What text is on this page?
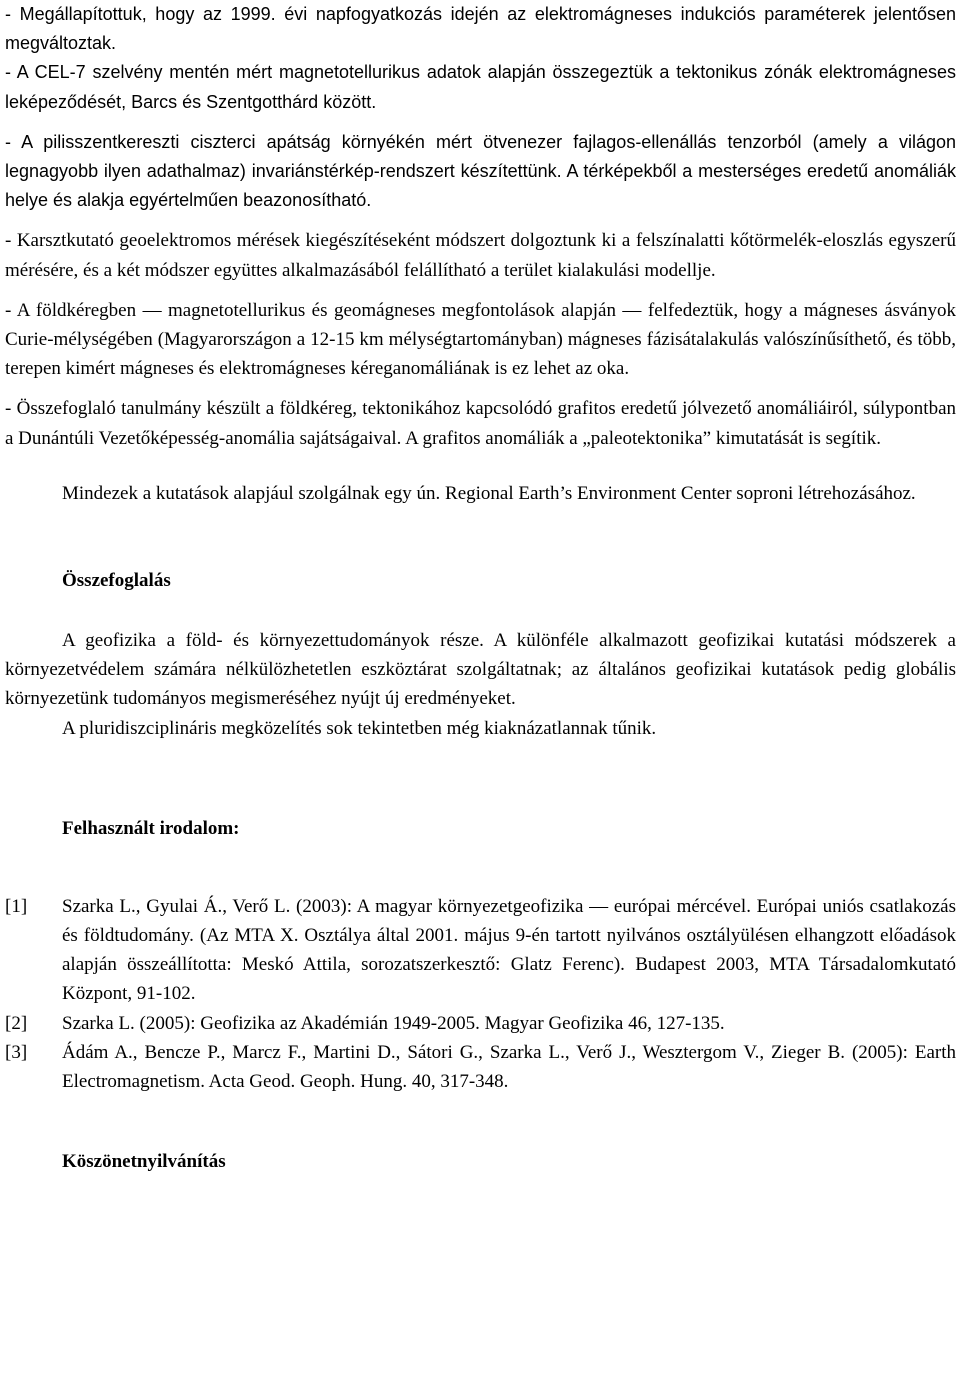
- Megállapítottuk, hogy az 1999. évi napfogyatkozás idején az elektromágneses indukciós paraméterek jelentősen megváltoztak.

- A CEL-7 szelvény mentén mért magnetotellurikus adatok alapján összegeztük a tektonikus zónák elektromágneses leképeződését, Barcs és Szentgotthárd között.

- A pilisszentkereszti ciszterci apátság környékén mért ötvenezer fajlagos-ellenállás tenzorból (amely a világon legnagyobb ilyen adathalmaz) invariánstérkép-rendszert készítettünk. A térképekből a mesterséges eredetű anomáliák helye és alakja egyértelműen beazonosítható.

- Karsztkutató geoelektromos mérések kiegészítéseként módszert dolgoztunk ki a felszínalatti kőtörmelék-eloszlás egyszerű mérésére, és a két módszer együttes alkalmazásából felállítható a terület kialakulási modellje.

- A földkéregben ― magnetotellurikus és geomágneses megfontolások alapján ― felfedeztük, hogy a mágneses ásványok Curie-mélységében (Magyarországon a 12-15 km mélységtartományban) mágneses fázisátalakulás valószínűsíthető, és több, terepen kimért mágneses és elektromágneses kéreganomáliának is ez lehet az oka.

- Összefoglaló tanulmány készült a földkéreg, tektonikához kapcsolódó grafitos eredetű jólvezető anomáliáiról, súlypontban a Dunántúli Vezetőképesség-anomália sajátságaival. A grafitos anomáliák a „paleotektonika” kimutatását is segítik.

Mindezek a kutatások alapjául szolgálnak egy ún. Regional Earth’s Environment Center soproni létrehozásához.

Összefoglalás

A geofizika a föld- és környezettudományok része. A különféle alkalmazott geofizikai kutatási módszerek a környezetvédelem számára nélkülözhetetlen eszköztárat szolgáltatnak; az általános geofizikai kutatások pedig globális környezetünk tudományos megismeréséhez nyújt új eredményeket.

A pluridiszciplináris megközelítés sok tekintetben még kiaknázatlannak tűnik.

Felhasznált irodalom:
[1] Szarka L., Gyulai Á., Verő L. (2003): A magyar környezetgeofizika ― európai mércével. Európai uniós csatlakozás és földtudomány. (Az MTA X. Osztálya által 2001. május 9-én tartott nyilvános osztályülésen elhangzott előadások alapján összeállította: Meskó Attila, sorozatszerkesztő: Glatz Ferenc). Budapest 2003, MTA Társadalomkutató Központ, 91-102.
[2] Szarka L. (2005): Geofizika az Akadémián 1949-2005. Magyar Geofizika 46, 127-135.
[3] Ádám A., Bencze P., Marcz F., Martini D., Sátori G., Szarka L., Verő J., Wesztergom V., Zieger B. (2005): Earth Electromagnetism. Acta Geod. Geoph. Hung. 40, 317-348.
Köszönetnyilvánítás
